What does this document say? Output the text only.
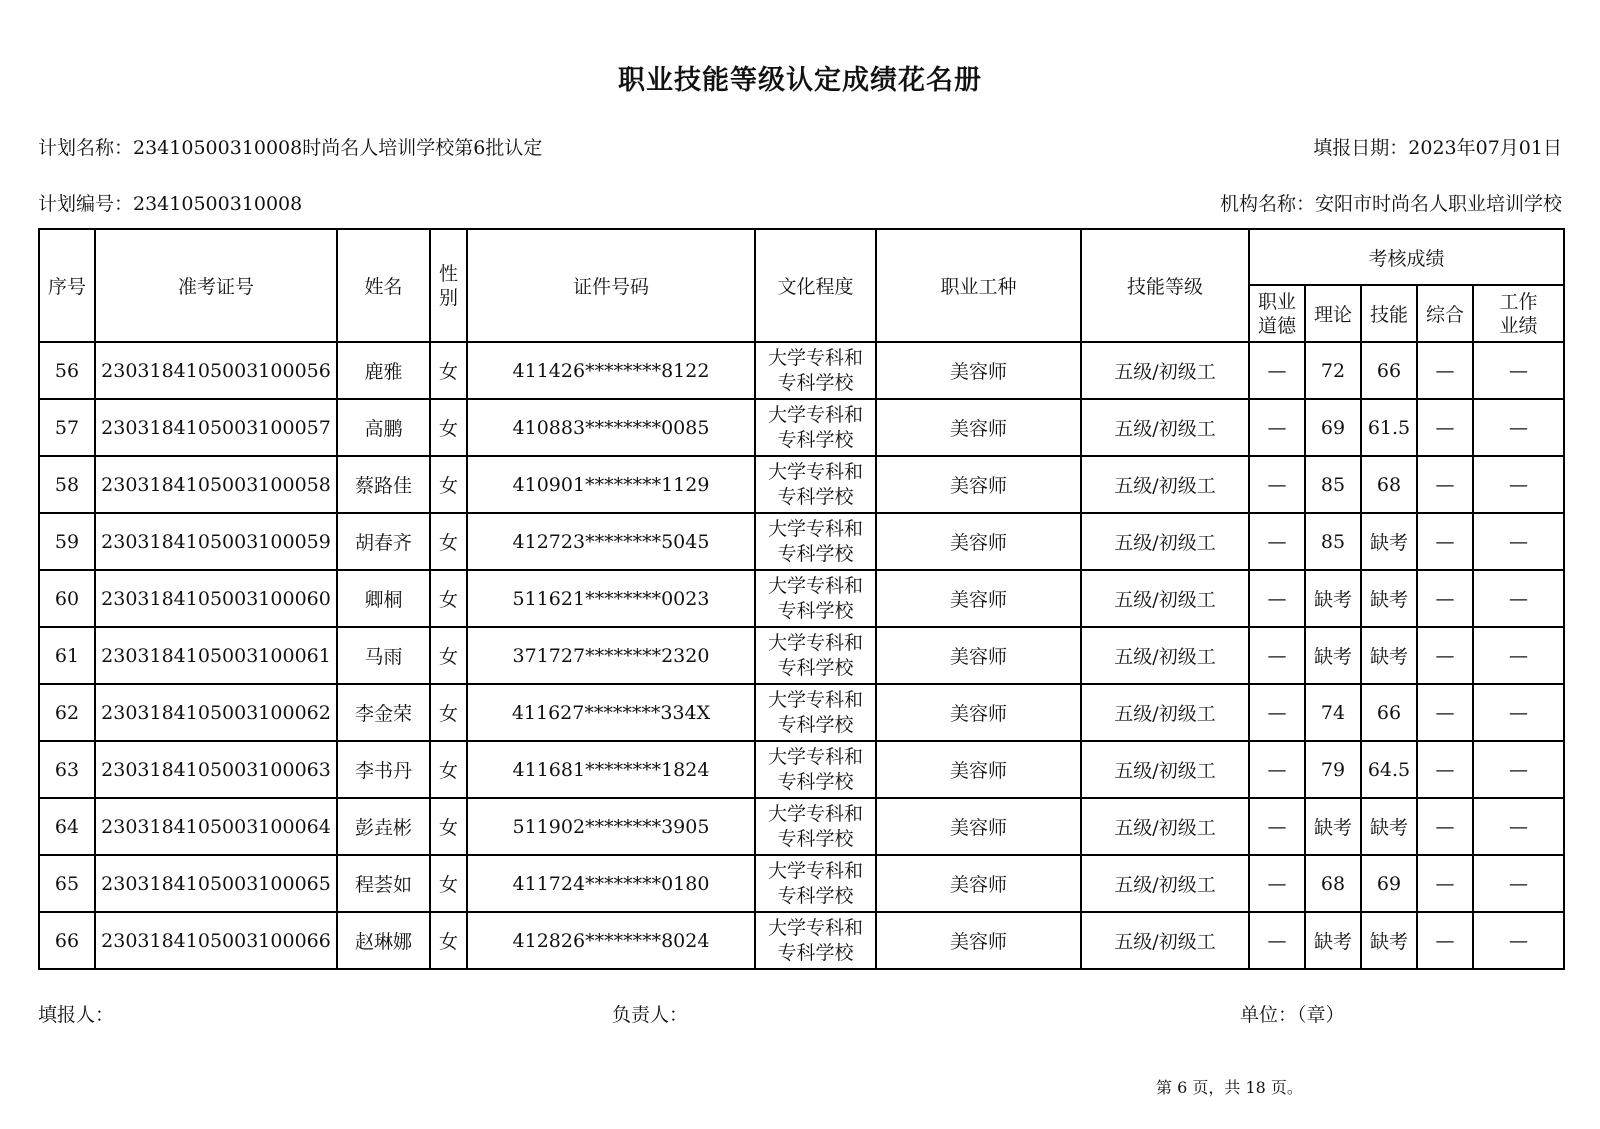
职业技能等级认定成绩花名册
计划名称：23410500310008时尚名人培训学校第6批认定	填报日期：2023年07月01日
计划编号：23410500310008	机构名称：安阳市时尚名人职业培训学校
序号	准考证号	姓名	性别	证件号码	文化程度	职业工种	技能等级	考核成绩				
								职业道德	理论	技能	综合	工作业绩
56	2303184105003100056	鹿雅	女	411426********8122	大学专科和专科学校	美容师	五级/初级工	—	72	66	—	—
57	2303184105003100057	高鹏	女	410883********0085	大学专科和专科学校	美容师	五级/初级工	—	69	61.5	—	—
58	2303184105003100058	蔡路佳	女	410901********1129	大学专科和专科学校	美容师	五级/初级工	—	85	68	—	—
59	2303184105003100059	胡春齐	女	412723********5045	大学专科和专科学校	美容师	五级/初级工	—	85	缺考	—	—
60	2303184105003100060	卿桐	女	511621********0023	大学专科和专科学校	美容师	五级/初级工	—	缺考	缺考	—	—
61	2303184105003100061	马雨	女	371727********2320	大学专科和专科学校	美容师	五级/初级工	—	缺考	缺考	—	—
62	2303184105003100062	李金荣	女	411627********334X	大学专科和专科学校	美容师	五级/初级工	—	74	66	—	—
63	2303184105003100063	李书丹	女	411681********1824	大学专科和专科学校	美容师	五级/初级工	—	79	64.5	—	—
64	2303184105003100064	彭垚彬	女	511902********3905	大学专科和专科学校	美容师	五级/初级工	—	缺考	缺考	—	—
65	2303184105003100065	程荟如	女	411724********0180	大学专科和专科学校	美容师	五级/初级工	—	68	69	—	—
66	2303184105003100066	赵琳娜	女	412826********8024	大学专科和专科学校	美容师	五级/初级工	—	缺考	缺考	—	—
填报人：	负责人：	单位：（章）
第 6 页，共 18 页。
